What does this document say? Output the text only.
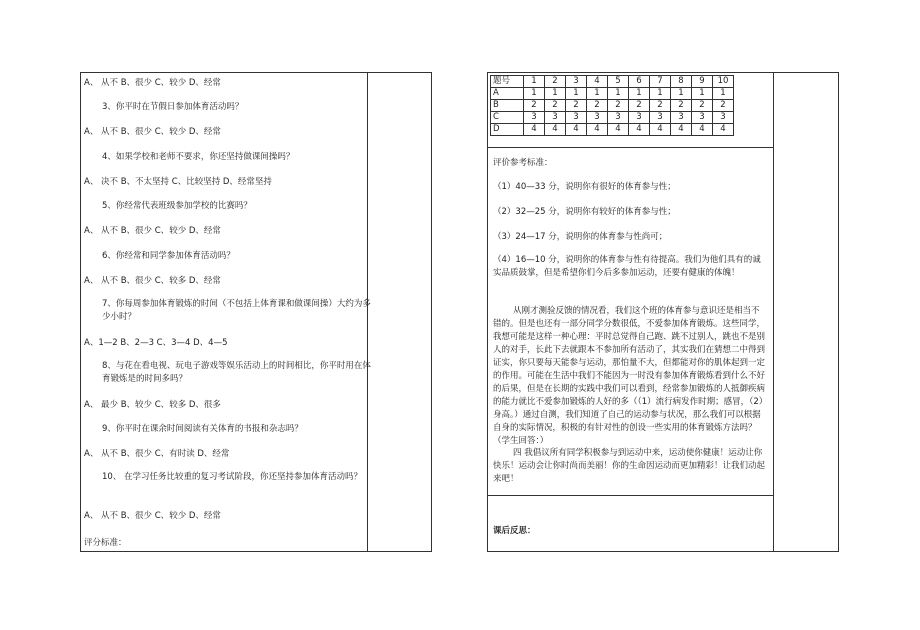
A、 从不 B、很少 C、较少 D、经常
3、你平时在节假日参加体育活动吗？
A、 从不 B、很少 C、较少 D、经常
4、如果学校和老师不要求，你还坚持做课间操吗？
A、 决不 B、不太坚持 C、比较坚持 D、经常坚持
5、你经常代表班级参加学校的比赛吗？
A、 从不 B、很少 C、较少 D、经常
6、你经常和同学参加体育活动吗？
A、 从不 B、很少 C、较多 D、经常
7、你每周参加体育锻炼的时间（不包括上体育课和做课间操）大约为多少小时？
A、1—2 B、2—3 C、3—4 D、4—5
8、与花在看电视、玩电子游戏等娱乐活动上的时间相比，你平时用在体育锻炼是的时间多吗？
A、 最少 B、较少 C、较多 D、很多
9、你平时在课余时间阅读有关体育的书报和杂志吗？
A、 从不 B、很少 C、有时读 D、经常
10、 在学习任务比较重的复习考试阶段，你还坚持参加体育活动吗？
A、 从不 B、很少 C、较少 D、经常
评分标准：
题号	1	2	3	4	5	6	7	8	9	10
A	1	1	1	1	1	1	1	1	1	1
B	2	2	2	2	2	2	2	2	2	2
C	3	3	3	3	3	3	3	3	3	3
D	4	4	4	4	4	4	4	4	4	4
评价参考标准：
（1）40—33 分，说明你有很好的体育参与性；
（2）32—25 分，说明你有较好的体育参与性；
（3）24—17 分，说明你的体育参与性尚可；
（4）16—10 分，说明你的体育参与性有待提高。我们为他们具有的诚实品质鼓掌，但是希望你们今后多参加运动，还要有健康的体魄！
从刚才测验反馈的情况看，我们这个班的体育参与意识还是相当不错的。但是也还有一部分同学分数很低，不爱参加体育锻炼。这些同学，我想可能是这样一种心理：平时总觉得自己跑、跳不过别人，跳也不是别人的对手，长此下去就跟本不参加所有活动了，其实我们在猜想二中得到证实，你只要每天能参与运动，那怕量不大，但都能对你的肌体起到一定的作用。可能在生活中我们不能因为一时没有参加体育锻炼看到什么不好的后果，但是在长期的实践中我们可以看到，经常参加锻炼的人抵御疾病的能力就比不爱参加锻炼的人好的多（（1）流行病发作时期；感冒，（2）身高。）通过自测，我们知道了自己的运动参与状况，那么我们可以根据自身的实际情况，积极的有针对性的创设一些实用的体育锻炼方法吗？（学生回答：）
四 我倡议所有同学积极参与到运动中来，运动使你健康！运动让你快乐！运动会让你时尚而美丽！你的生命因运动而更加精彩！让我们动起来吧！
课后反思：
